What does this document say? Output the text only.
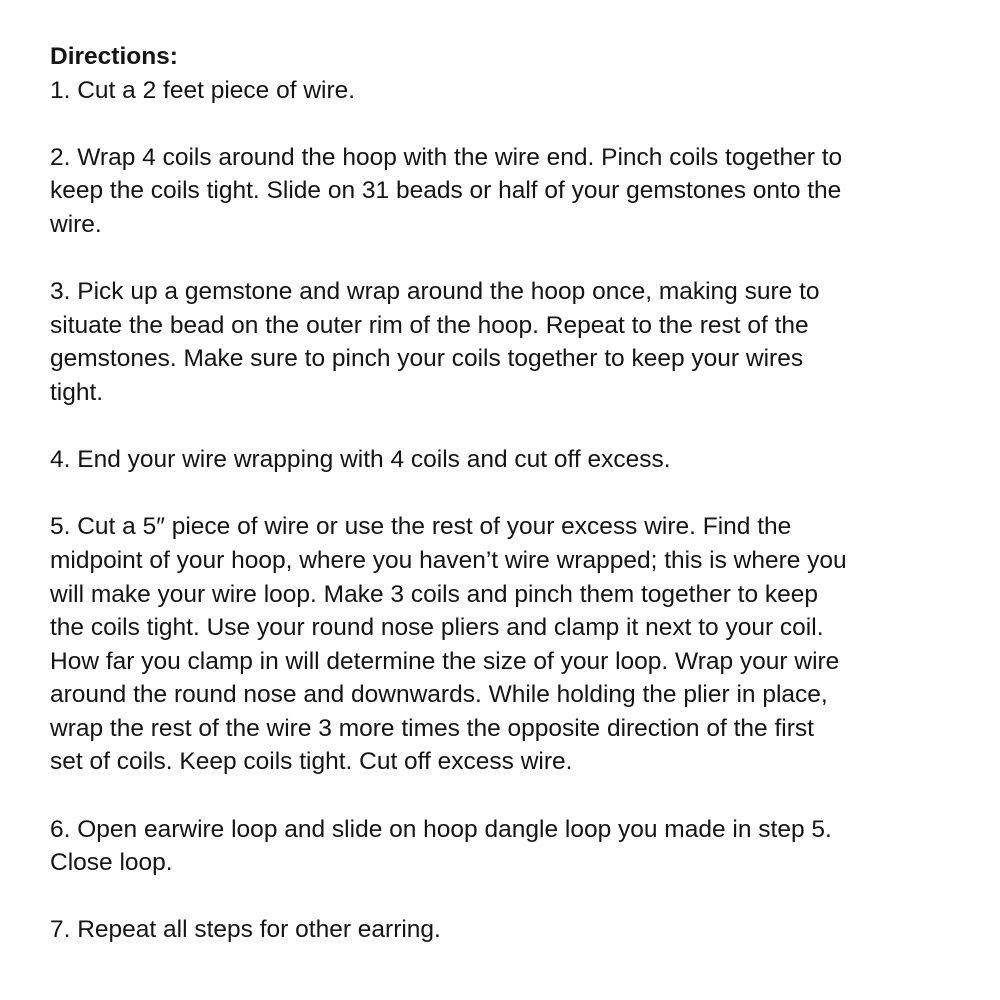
Directions:
1. Cut a 2 feet piece of wire.
2. Wrap 4 coils around the hoop with the wire end. Pinch coils together to
keep the coils tight. Slide on 31 beads or half of your gemstones onto the
wire.
3. Pick up a gemstone and wrap around the hoop once, making sure to
situate the bead on the outer rim of the hoop. Repeat to the rest of the
gemstones. Make sure to pinch your coils together to keep your wires
tight.
4. End your wire wrapping with 4 coils and cut off excess.
5. Cut a 5″ piece of wire or use the rest of your excess wire. Find the
midpoint of your hoop, where you haven’t wire wrapped; this is where you
will make your wire loop. Make 3 coils and pinch them together to keep
the coils tight. Use your round nose pliers and clamp it next to your coil.
How far you clamp in will determine the size of your loop. Wrap your wire
around the round nose and downwards. While holding the plier in place,
wrap the rest of the wire 3 more times the opposite direction of the first
set of coils. Keep coils tight. Cut off excess wire.
6. Open earwire loop and slide on hoop dangle loop you made in step 5.
Close loop.
7. Repeat all steps for other earring.
